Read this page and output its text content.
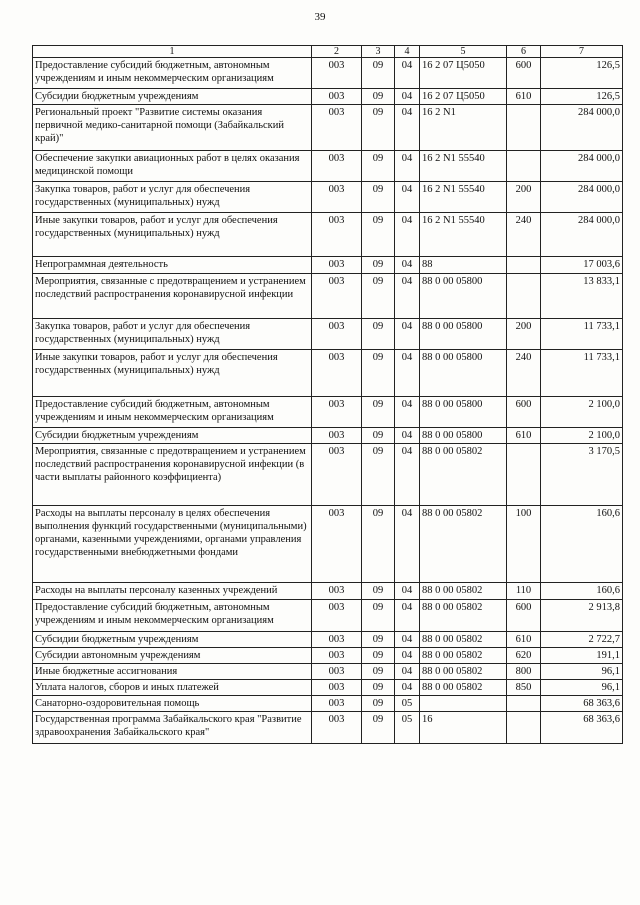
39
1	2	3	4	5	6	7
Предоставление субсидий бюджетным, автономным учреждениям и иным некоммерческим организациям	003	09	04	16 2 07 Ц5050	600	126,5
Субсидии бюджетным учреждениям	003	09	04	16 2 07 Ц5050	610	126,5
Региональный проект "Развитие системы оказания первичной медико-санитарной помощи (Забайкальский край)"	003	09	04	16 2 N1		284 000,0
Обеспечение закупки авиационных работ в целях оказания медицинской помощи	003	09	04	16 2 N1 55540		284 000,0
Закупка товаров, работ и услуг для обеспечения государственных (муниципальных) нужд	003	09	04	16 2 N1 55540	200	284 000,0
Иные закупки товаров, работ и услуг для обеспечения государственных (муниципальных) нужд	003	09	04	16 2 N1 55540	240	284 000,0
Непрограммная деятельность	003	09	04	88		17 003,6
Мероприятия, связанные с предотвращением и устранением последствий распространения коронавирусной инфекции	003	09	04	88 0 00 05800		13 833,1
Закупка товаров, работ и услуг для обеспечения государственных (муниципальных) нужд	003	09	04	88 0 00 05800	200	11 733,1
Иные закупки товаров, работ и услуг для обеспечения государственных (муниципальных) нужд	003	09	04	88 0 00 05800	240	11 733,1
Предоставление субсидий бюджетным, автономным учреждениям и иным некоммерческим организациям	003	09	04	88 0 00 05800	600	2 100,0
Субсидии бюджетным учреждениям	003	09	04	88 0 00 05800	610	2 100,0
Мероприятия, связанные с предотвращением и устранением последствий распространения коронавирусной инфекции (в части выплаты районного коэффициента)	003	09	04	88 0 00 05802		3 170,5
Расходы на выплаты персоналу в целях обеспечения выполнения функций государственными (муниципальными) органами, казенными учреждениями, органами управления государственными внебюджетными фондами	003	09	04	88 0 00 05802	100	160,6
Расходы на выплаты персоналу казенных учреждений	003	09	04	88 0 00 05802	110	160,6
Предоставление субсидий бюджетным, автономным учреждениям и иным некоммерческим организациям	003	09	04	88 0 00 05802	600	2 913,8
Субсидии бюджетным учреждениям	003	09	04	88 0 00 05802	610	2 722,7
Субсидии автономным учреждениям	003	09	04	88 0 00 05802	620	191,1
Иные бюджетные ассигнования	003	09	04	88 0 00 05802	800	96,1
Уплата налогов, сборов и иных платежей	003	09	04	88 0 00 05802	850	96,1
Санаторно-оздоровительная помощь	003	09	05			68 363,6
Государственная программа Забайкальского края "Развитие здравоохранения Забайкальского края"	003	09	05	16		68 363,6
